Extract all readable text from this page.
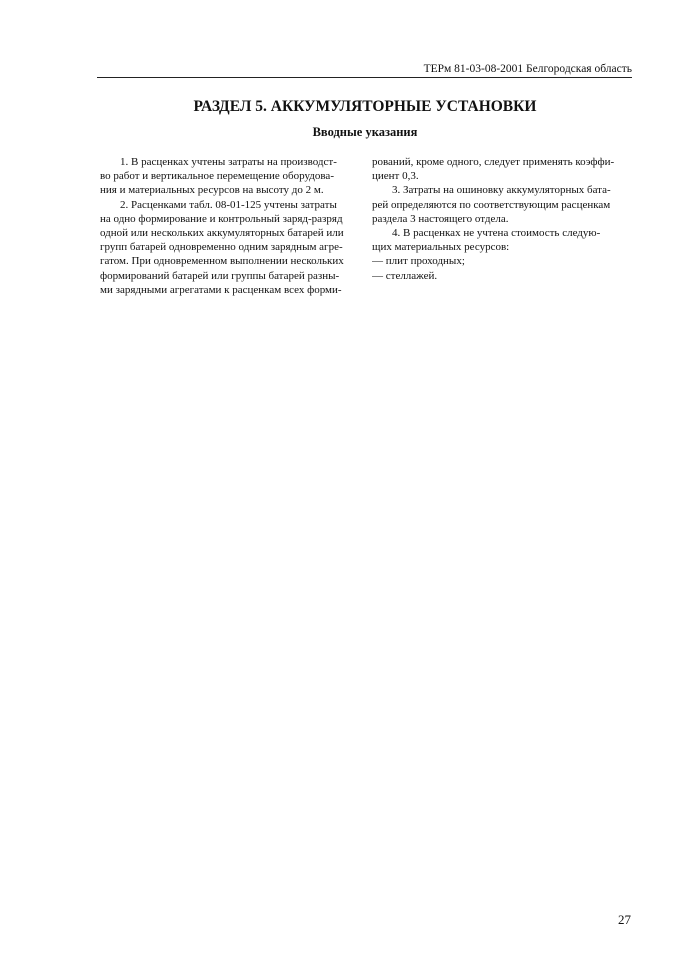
ТЕРм 81-03-08-2001 Белгородская область
РАЗДЕЛ 5. АККУМУЛЯТОРНЫЕ УСТАНОВКИ
Вводные указания
1. В расценках учтены затраты на производст-
во работ и вертикальное перемещение оборудова-
ния и материальных ресурсов на высоту до 2 м.
2. Расценками табл. 08-01-125 учтены затраты
на одно формирование и контрольный заряд-разряд
одной или нескольких аккумуляторных батарей или
групп батарей одновременно одним зарядным агре-
гатом. При одновременном выполнении нескольких
формирований батарей или группы батарей разны-
ми зарядными агрегатами к расценкам всех форми-
рований, кроме одного, следует применять коэффи-
циент 0,3.
3. Затраты на ошиновку аккумуляторных бата-
рей определяются по соответствующим расценкам
раздела 3 настоящего отдела.
4. В расценках не учтена стоимость следую-
щих материальных ресурсов:
— плит проходных;
— стеллажей.
27
